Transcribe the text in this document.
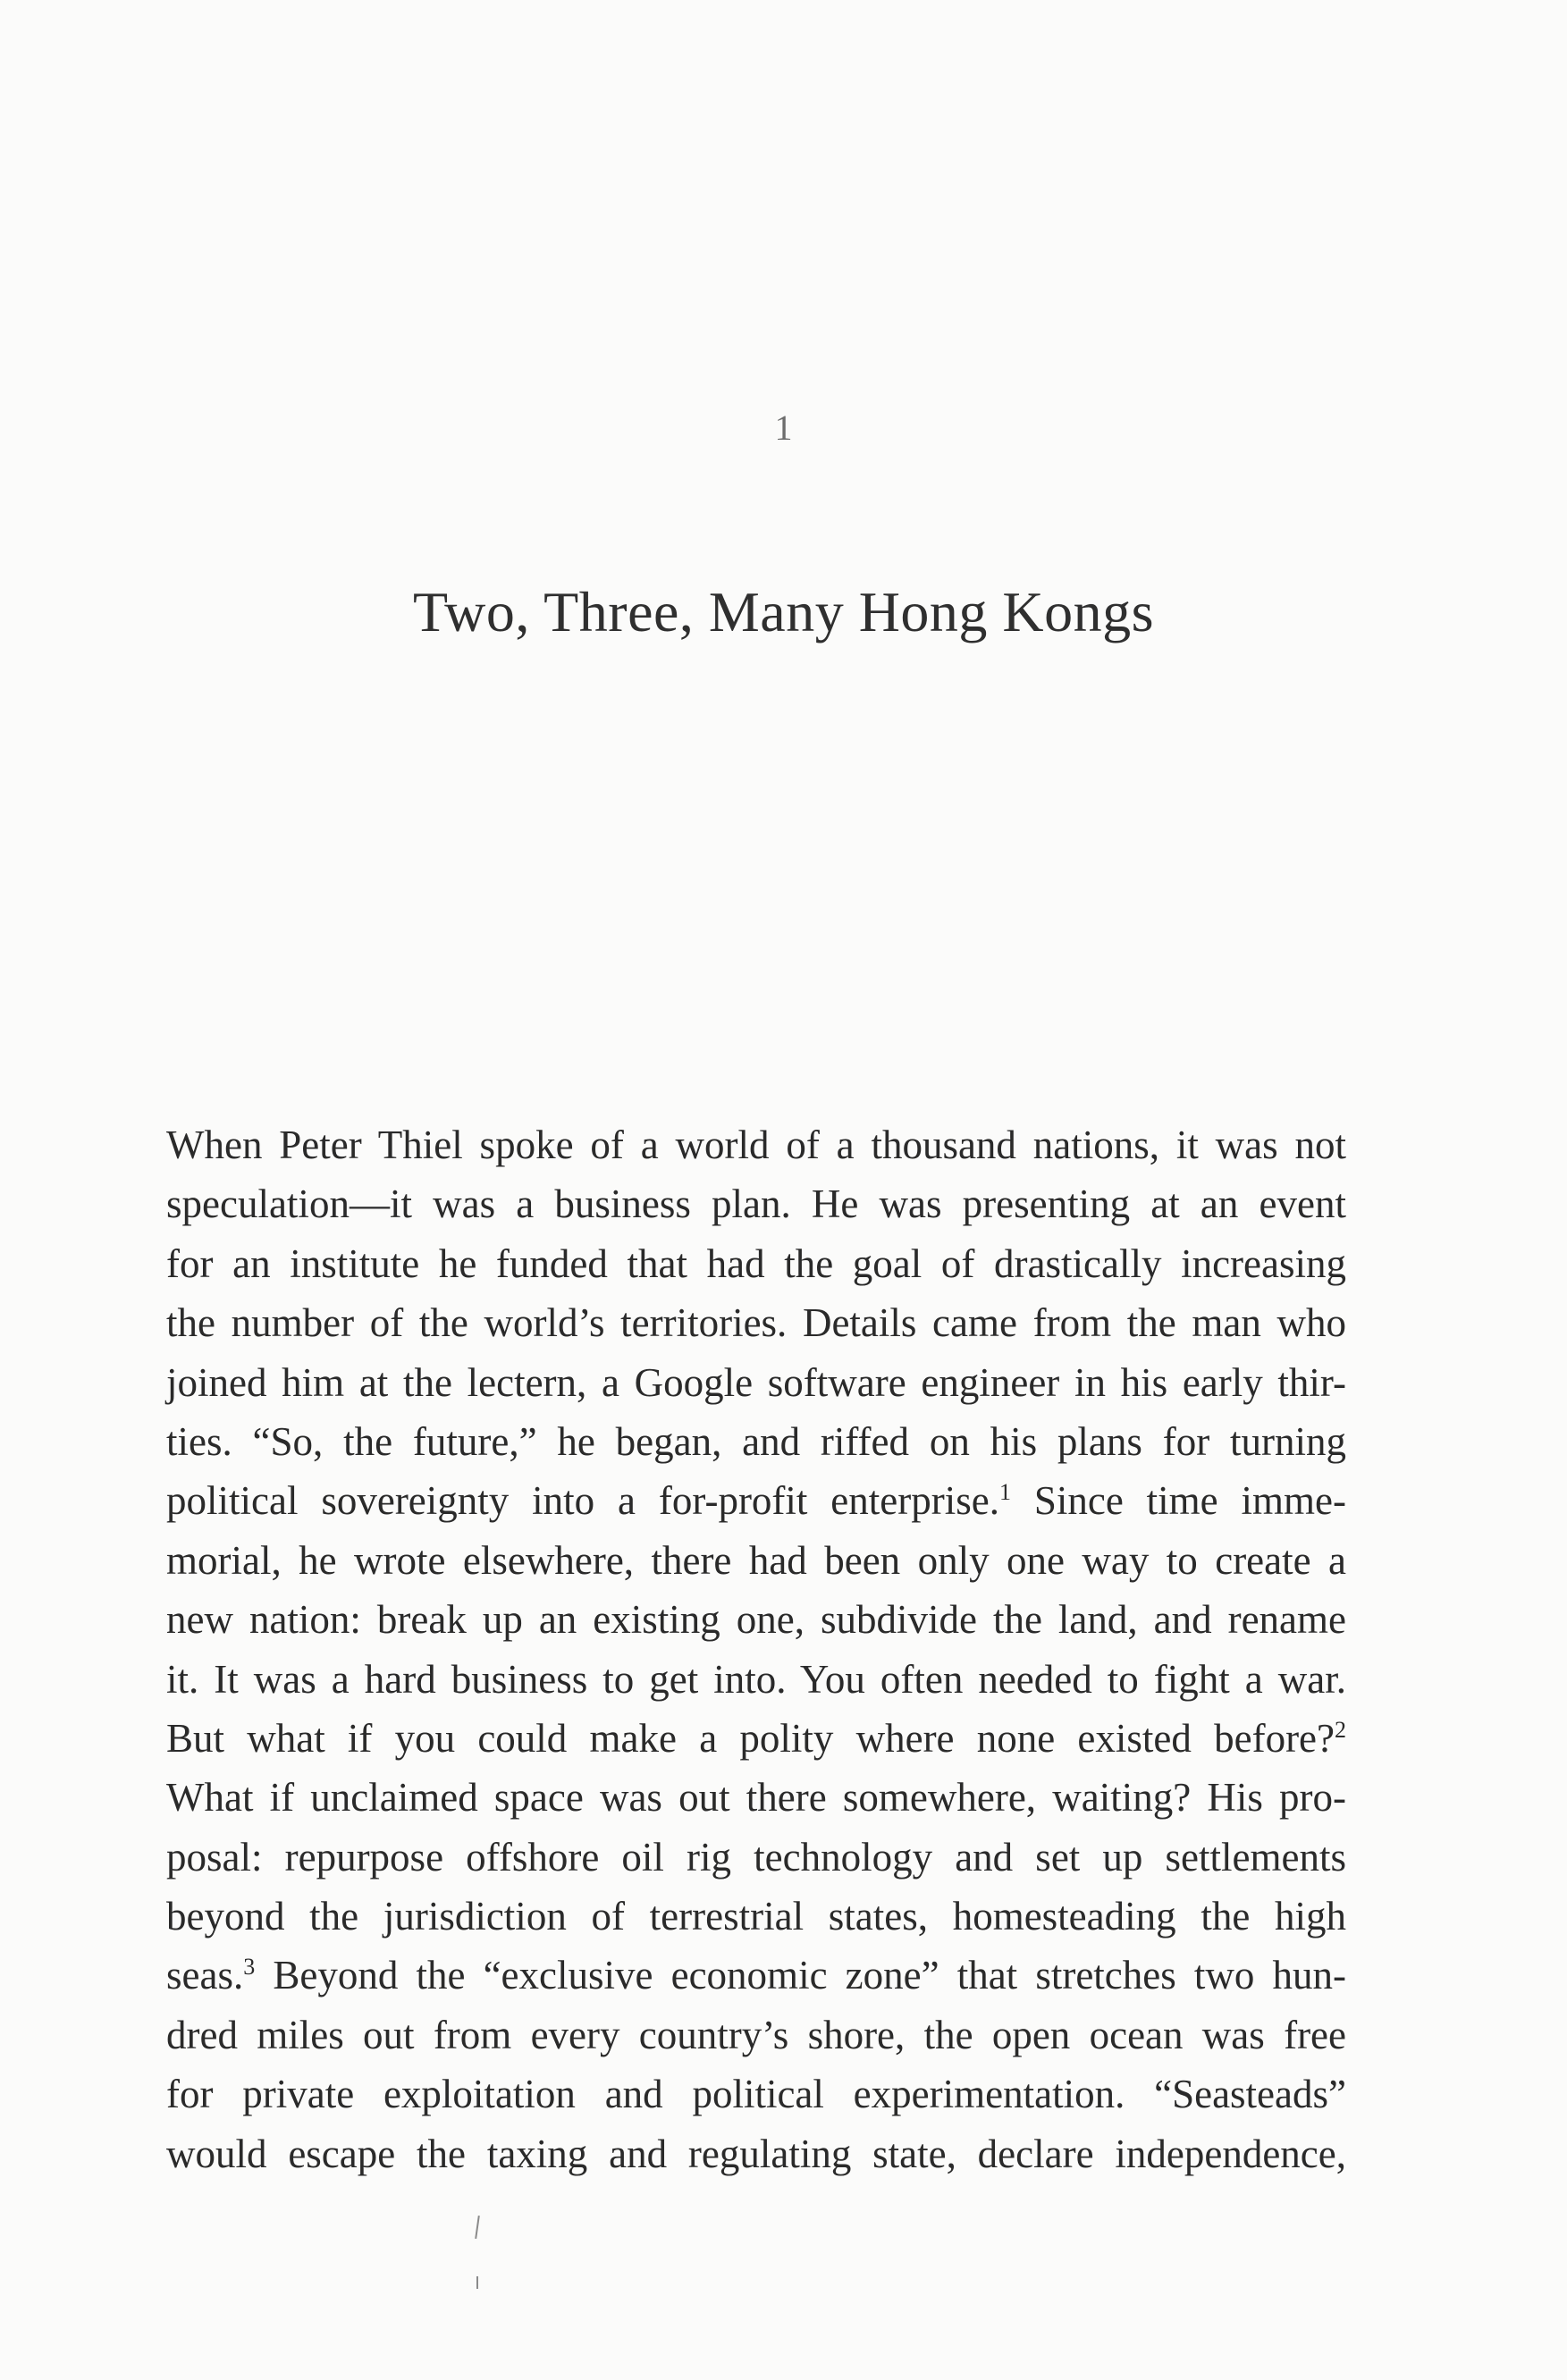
1
Two, Three, Many Hong Kongs
When Peter Thiel spoke of a world of a thousand nations, it was not
speculation—it was a business plan. He was presenting at an event
for an institute he funded that had the goal of drastically increasing
the number of the world’s territories. Details came from the man who
joined him at the lectern, a Google software engineer in his early thir-
ties. “So, the future,” he began, and riffed on his plans for turning
political sovereignty into a for-profit enterprise.$^1$ Since time imme-
morial, he wrote elsewhere, there had been only one way to create a
new nation: break up an existing one, subdivide the land, and rename
it. It was a hard business to get into. You often needed to fight a war.
But what if you could make a polity where none existed before?$^2$
What if unclaimed space was out there somewhere, waiting? His pro-
posal: repurpose offshore oil rig technology and set up settlements
beyond the jurisdiction of terrestrial states, homesteading the high
seas.$^3$ Beyond the “exclusive economic zone” that stretches two hun-
dred miles out from every country’s shore, the open ocean was free
for private exploitation and political experimentation. “Seasteads”
would escape the taxing and regulating state, declare independence,
